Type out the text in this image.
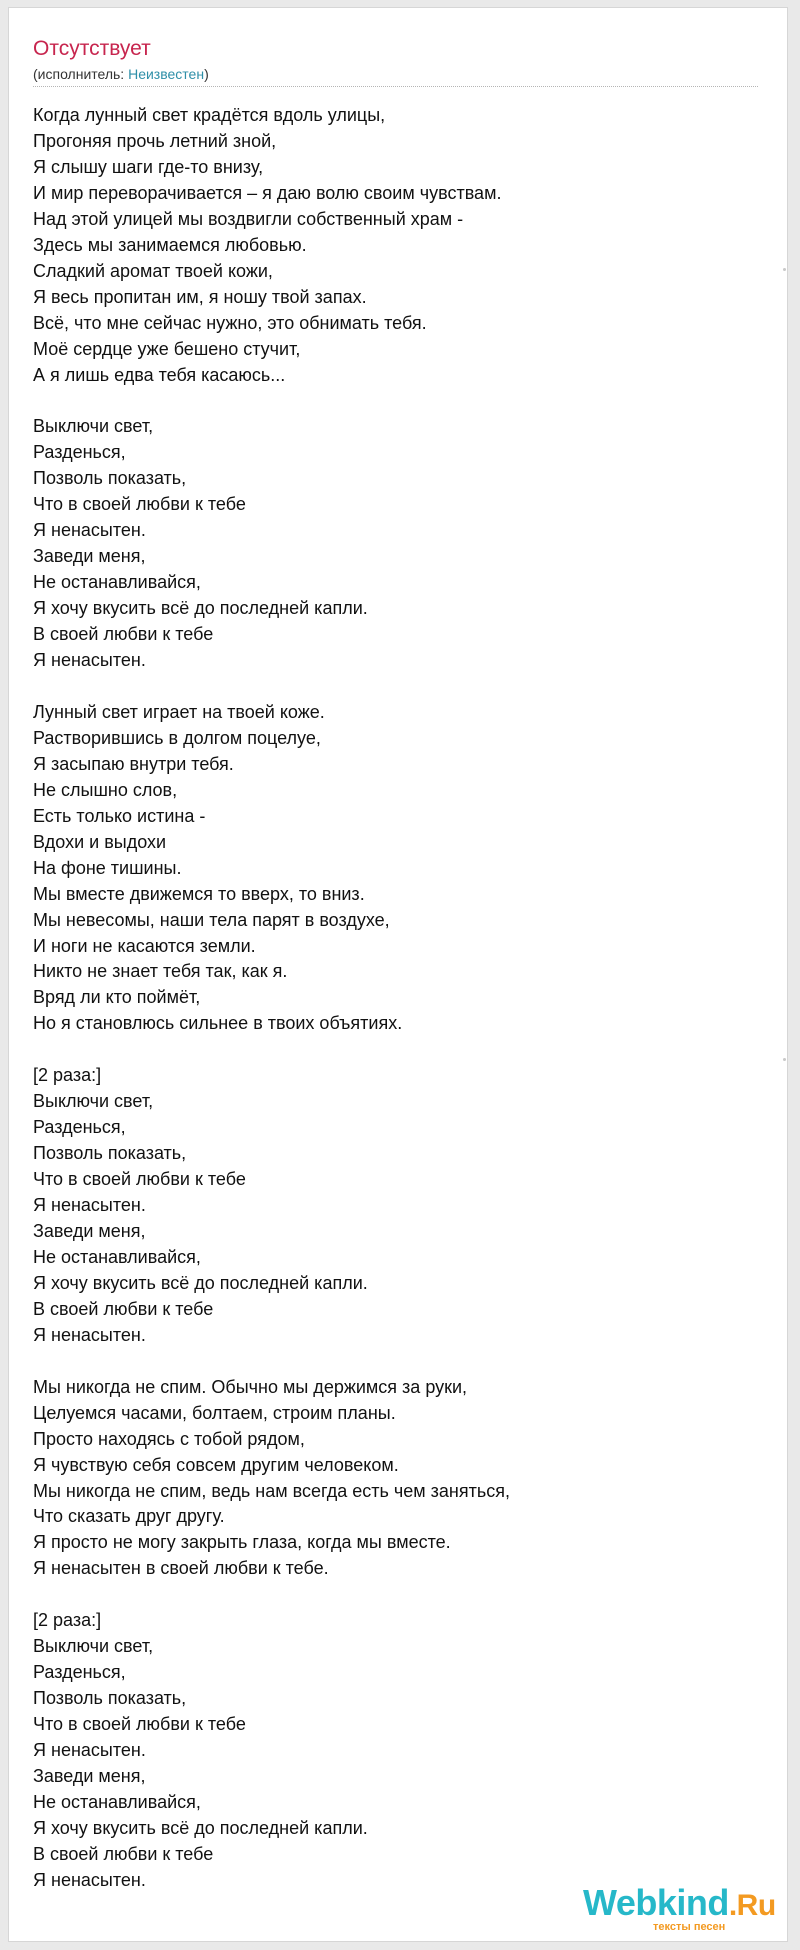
Отсутствует
(исполнитель: Неизвестен)
Когда лунный свет крадётся вдоль улицы,
Прогоняя прочь летний зной,
Я слышу шаги где-то внизу,
И мир переворачивается – я даю волю своим чувствам.
Над этой улицей мы воздвигли собственный храм -
Здесь мы занимаемся любовью.
Сладкий аромат твоей кожи,
Я весь пропитан им, я ношу твой запах.
Всё, что мне сейчас нужно, это обнимать тебя.
Моё сердце уже бешено стучит,
А я лишь едва тебя касаюсь...

Выключи свет,
Разденься,
Позволь показать,
Что в своей любви к тебе
Я ненасытен.
Заведи меня,
Не останавливайся,
Я хочу вкусить всё до последней капли.
В своей любви к тебе
Я ненасытен.

Лунный свет играет на твоей коже.
Растворившись в долгом поцелуе,
Я засыпаю внутри тебя.
Не слышно слов,
Есть только истина -
Вдохи и выдохи
На фоне тишины.
Мы вместе движемся то вверх, то вниз.
Мы невесомы, наши тела парят в воздухе,
И ноги не касаются земли.
Никто не знает тебя так, как я.
Вряд ли кто поймёт,
Но я становлюсь сильнее в твоих объятиях.

[2 раза:]
Выключи свет,
Разденься,
Позволь показать,
Что в своей любви к тебе
Я ненасытен.
Заведи меня,
Не останавливайся,
Я хочу вкусить всё до последней капли.
В своей любви к тебе
Я ненасытен.

Мы никогда не спим. Обычно мы держимся за руки,
Целуемся часами, болтаем, строим планы.
Просто находясь с тобой рядом,
Я чувствую себя совсем другим человеком.
Мы никогда не спим, ведь нам всегда есть чем заняться,
Что сказать друг другу.
Я просто не могу закрыть глаза, когда мы вместе.
Я ненасытен в своей любви к тебе.

[2 раза:]
Выключи свет,
Разденься,
Позволь показать,
Что в своей любви к тебе
Я ненасытен.
Заведи меня,
Не останавливайся,
Я хочу вкусить всё до последней капли.
В своей любви к тебе
Я ненасытен.
Webkind.Ru
тексты песен
